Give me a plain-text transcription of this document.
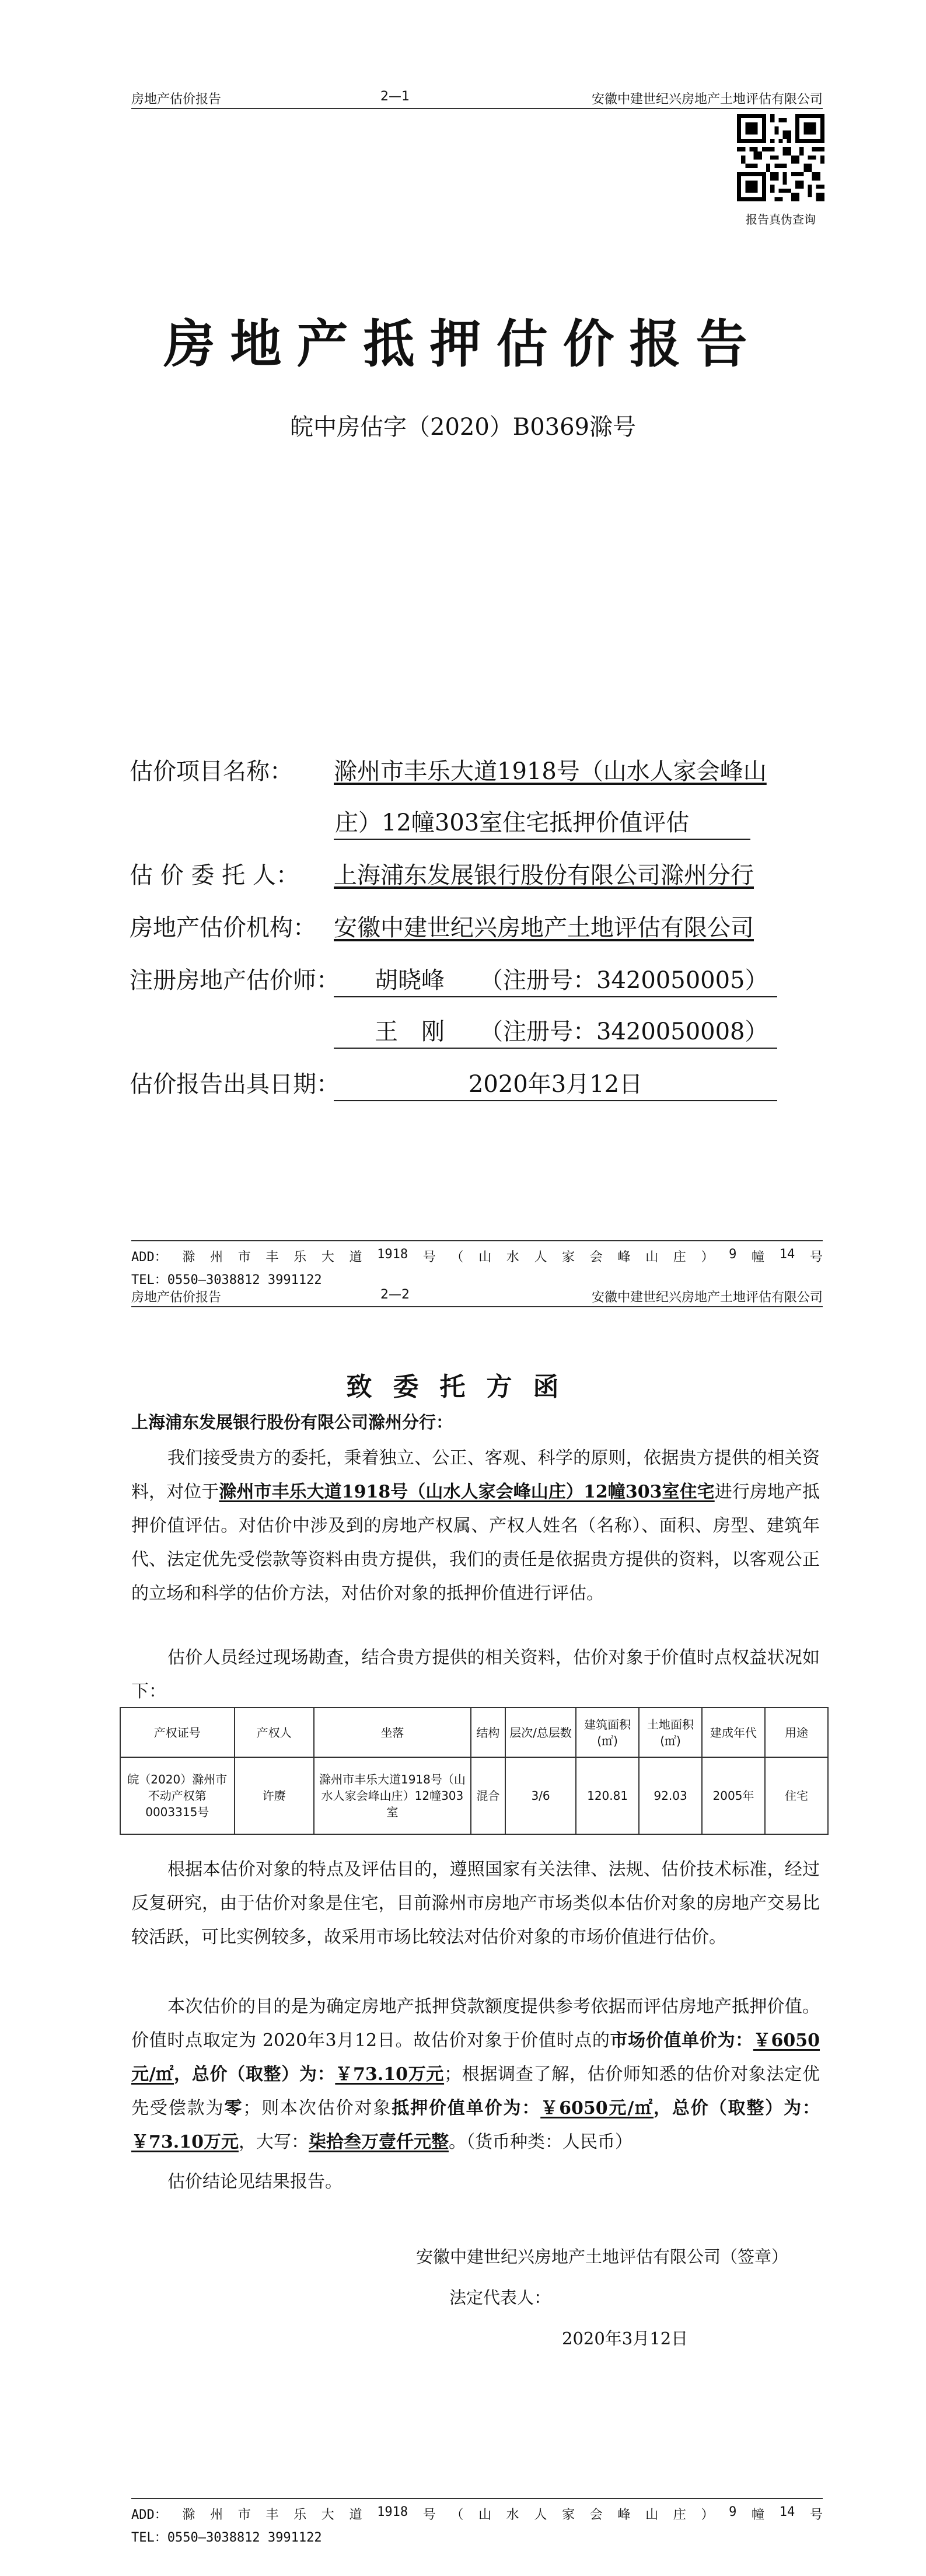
房地产估价报告	2—1	安徽中建世纪兴房地产土地评估有限公司
报告真伪查询
房地产抵押估价报告
皖中房估字（2020）B0369滁号
估价项目名称： 滁州市丰乐大道1918号（山水人家会峰山
庄）12幢303室住宅抵押价值评估
估 价 委 托 人： 上海浦东发展银行股份有限公司滁州分行
房地产估价机构： 安徽中建世纪兴房地产土地评估有限公司
注册房地产估价师： 胡晓峰　　（注册号：3420050005）
王　刚　　（注册号：3420050008）
估价报告出具日期：	2020年3月12日
ADD： 滁 州 市 丰 乐 大 道 1918 号 （ 山 水 人 家 会 峰 山 庄 ） 9 幢 14 号
TEL：0550—3038812 3991122
房地产估价报告	2—2	安徽中建世纪兴房地产土地评估有限公司
致委托方函
上海浦东发展银行股份有限公司滁州分行：
我们接受贵方的委托，秉着独立、公正、客观、科学的原则，依据贵方提供的相关资料，对位于滁州市丰乐大道1918号（山水人家会峰山庄）12幢303室住宅进行房地产抵押价值评估。对估价中涉及到的房地产权属、产权人姓名（名称）、面积、房型、建筑年代、法定优先受偿款等资料由贵方提供，我们的责任是依据贵方提供的资料，以客观公正的立场和科学的估价方法，对估价对象的抵押价值进行评估。
估价人员经过现场勘查，结合贵方提供的相关资料，估价对象于价值时点权益状况如下：
产权证号	产权人	坐落	结构	层次/总层数	建筑面积(㎡)	土地面积(㎡)	建成年代	用途
皖（2020）滁州市不动产权第0003315号	许赓	滁州市丰乐大道1918号（山水人家会峰山庄）12幢303室	混合	3/6	120.81	92.03	2005年	住宅
根据本估价对象的特点及评估目的，遵照国家有关法律、法规、估价技术标准，经过反复研究，由于估价对象是住宅，目前滁州市房地产市场类似本估价对象的房地产交易比较活跃，可比实例较多，故采用市场比较法对估价对象的市场价值进行估价。
本次估价的目的是为确定房地产抵押贷款额度提供参考依据而评估房地产抵押价值。价值时点取定为 2020年3月12日。故估价对象于价值时点的市场价值单价为：￥6050元/㎡，总价（取整）为：￥73.10万元；根据调查了解，估价师知悉的估价对象法定优先受偿款为零；则本次估价对象抵押价值单价为：￥6050元/㎡，总价（取整）为：￥73.10万元，大写：柒拾叁万壹仟元整。（货币种类：人民币）
估价结论见结果报告。
安徽中建世纪兴房地产土地评估有限公司（签章）
法定代表人：
2020年3月12日
ADD： 滁 州 市 丰 乐 大 道 1918 号 （ 山 水 人 家 会 峰 山 庄 ） 9 幢 14 号
TEL：0550—3038812 3991122
